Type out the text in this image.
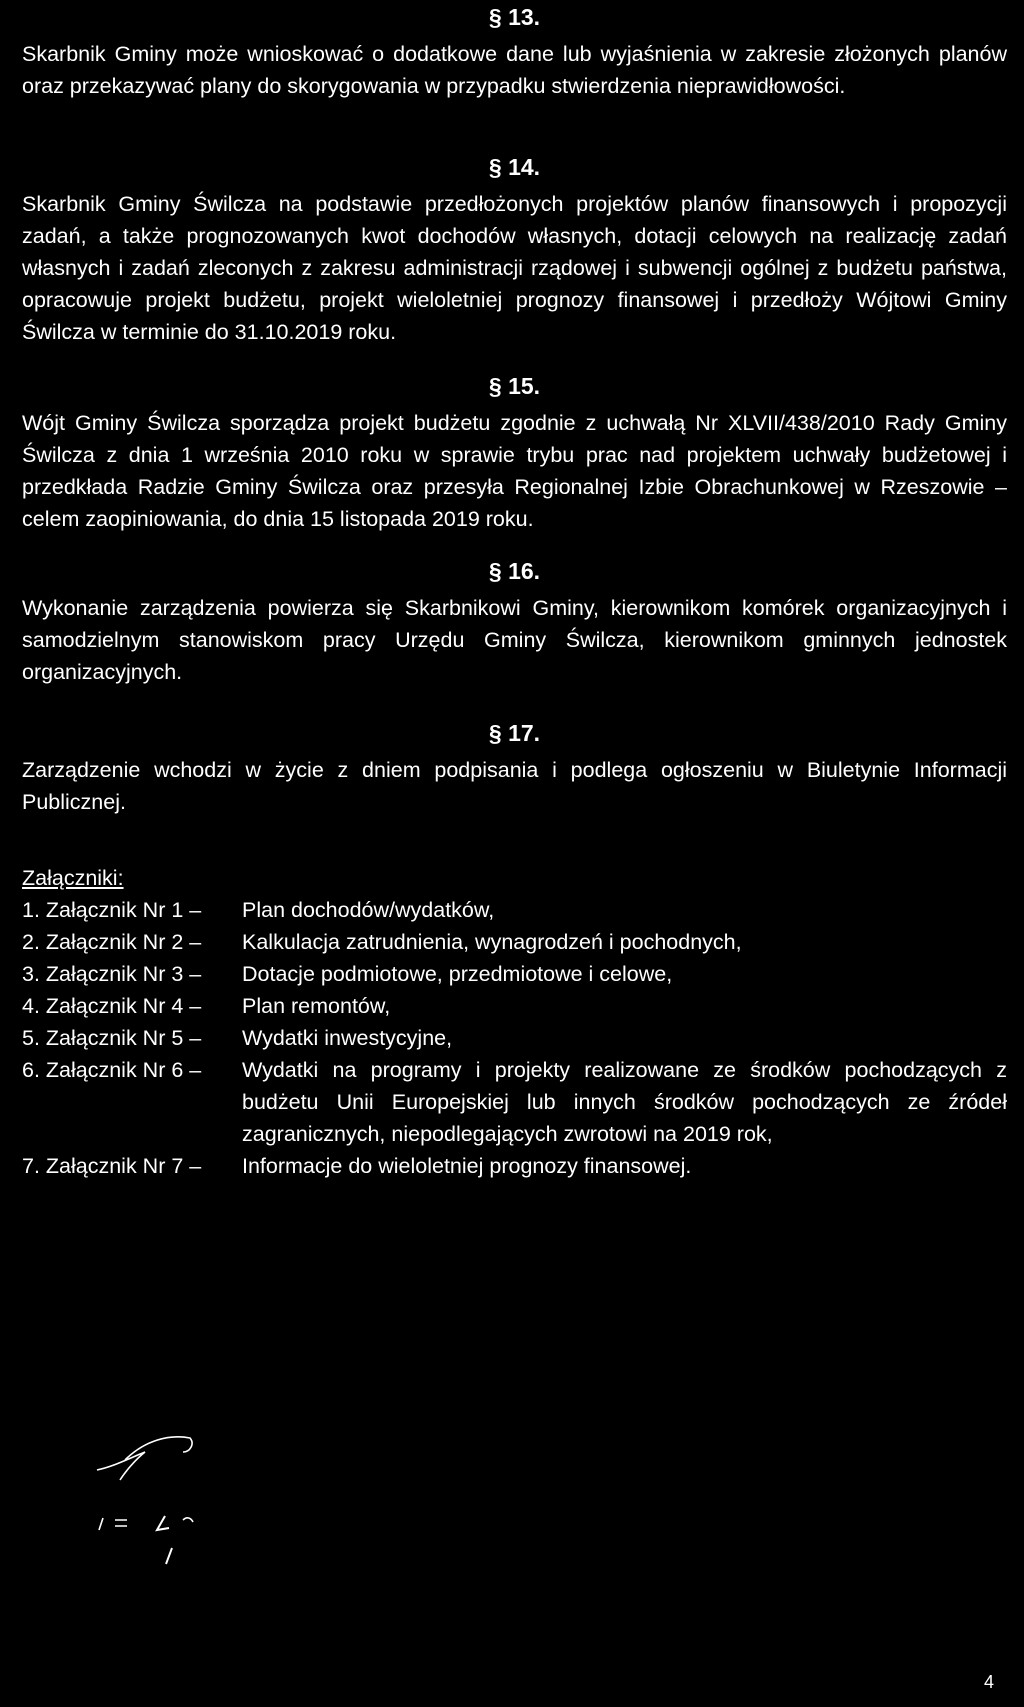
§ 13.

Skarbnik Gminy może wnioskować o dodatkowe dane lub wyjaśnienia w zakresie złożonych planów oraz przekazywać plany do skorygowania w przypadku stwierdzenia nieprawidłowości.

§ 14.

Skarbnik Gminy Świlcza na podstawie przedłożonych projektów planów finansowych i propozycji zadań, a także prognozowanych kwot dochodów własnych, dotacji celowych na realizację zadań własnych i zadań zleconych z zakresu administracji rządowej i subwencji ogólnej z budżetu państwa, opracowuje projekt budżetu, projekt wieloletniej prognozy finansowej i przedłoży Wójtowi Gminy Świlcza w terminie do 31.10.2019 roku.

§ 15.

Wójt Gminy Świlcza sporządza projekt budżetu zgodnie z uchwałą Nr XLVII/438/2010 Rady Gminy Świlcza z dnia 1 września 2010 roku w sprawie trybu prac nad projektem uchwały budżetowej i przedkłada Radzie Gminy Świlcza oraz przesyła Regionalnej Izbie Obrachunkowej w Rzeszowie – celem zaopiniowania, do dnia 15 listopada 2019 roku.

§ 16.

Wykonanie zarządzenia powierza się Skarbnikowi Gminy, kierownikom komórek organizacyjnych i samodzielnym stanowiskom pracy Urzędu Gminy Świlcza, kierownikom gminnych jednostek organizacyjnych.

§ 17.

Zarządzenie wchodzi w życie z dniem podpisania i podlega ogłoszeniu w Biuletynie Informacji Publicznej.

Załączniki:
1. Załącznik Nr 1 –	Plan dochodów/wydatków,
2. Załącznik Nr 2 –	Kalkulacja zatrudnienia, wynagrodzeń i pochodnych,
3. Załącznik Nr 3 –	Dotacje podmiotowe, przedmiotowe i celowe,
4. Załącznik Nr 4 –	Plan remontów,
5. Załącznik Nr 5 –	Wydatki inwestycyjne,
6. Załącznik Nr 6 –	Wydatki na programy i projekty realizowane ze środków pochodzących z budżetu Unii Europejskiej lub innych środków pochodzących ze źródeł zagranicznych, niepodlegających zwrotowi na 2019 rok,
7. Załącznik Nr 7 –	Informacje do wieloletniej prognozy finansowej.
4
